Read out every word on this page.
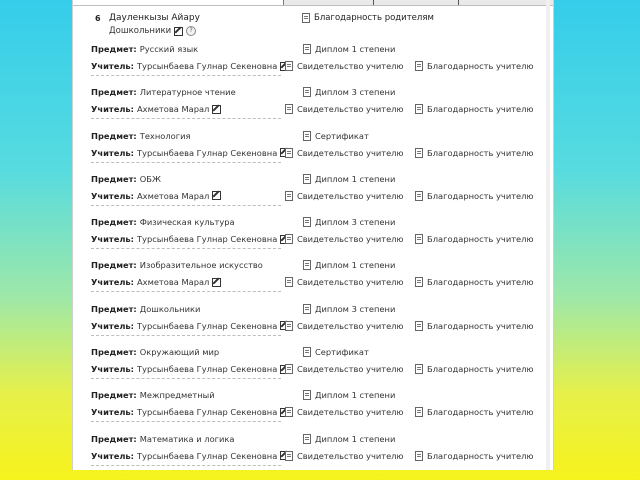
6 Дауленкызы Айару
Дошкольники	?
Благодарность родителям
Предмет: Русский язык	Диплом 1 степени
Учитель: Турсынбаева Гулнар Секеновна Свидетельство учителю	Благодарность учителю
Предмет: Литературное чтение	Диплом 3 степени
Учитель: Ахметова Марал	Свидетельство учителю	Благодарность учителю
Предмет: Технология	Сертификат
Учитель: Турсынбаева Гулнар Секеновна Свидетельство учителю	Благодарность учителю
Предмет: ОБЖ	Диплом 1 степени
Учитель: Ахметова Марал	Свидетельство учителю	Благодарность учителю
Предмет: Физическая культура	Диплом 3 степени
Учитель: Турсынбаева Гулнар Секеновна Свидетельство учителю	Благодарность учителю
Предмет: Изобразительное искусство	Диплом 1 степени
Учитель: Ахметова Марал	Свидетельство учителю	Благодарность учителю
Предмет: Дошкольники	Диплом 3 степени
Учитель: Турсынбаева Гулнар Секеновна Свидетельство учителю	Благодарность учителю
Предмет: Окружающий мир	Сертификат
Учитель: Турсынбаева Гулнар Секеновна Свидетельство учителю	Благодарность учителю
Предмет: Межпредметный	Диплом 1 степени
Учитель: Турсынбаева Гулнар Секеновна Свидетельство учителю	Благодарность учителю
Предмет: Математика и логика	Диплом 1 степени
Учитель: Турсынбаева Гулнар Секеновна Свидетельство учителю	Благодарность учителю
